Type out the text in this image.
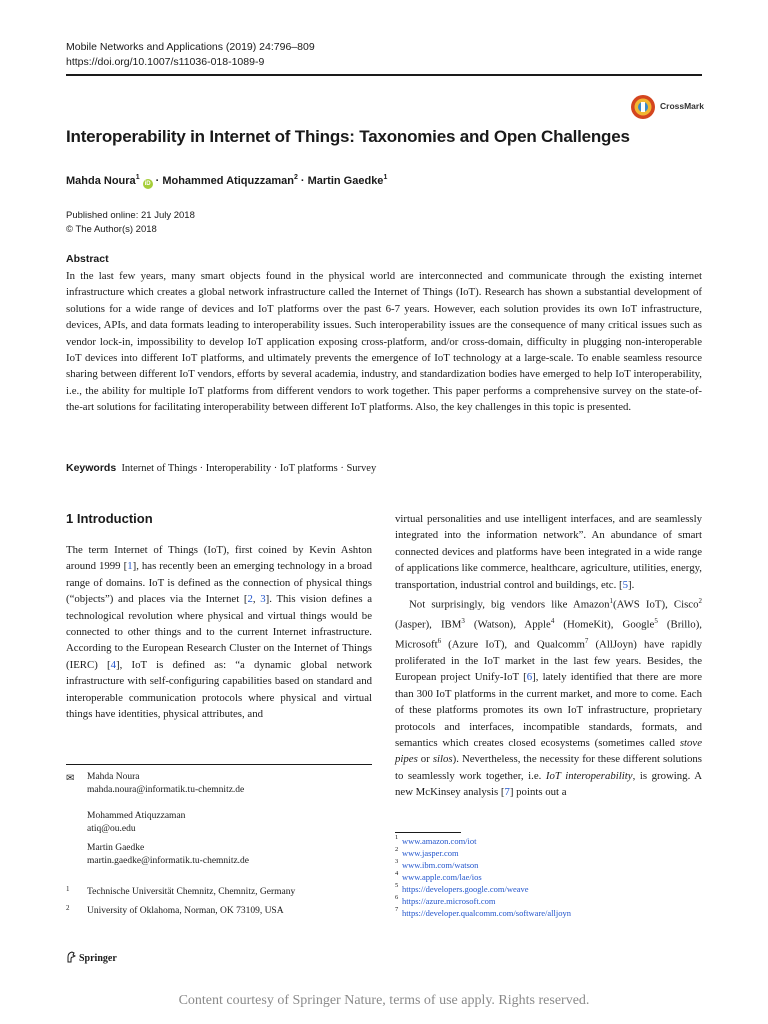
Mobile Networks and Applications (2019) 24:796–809
https://doi.org/10.1007/s11036-018-1089-9
CrossMark
Interoperability in Internet of Things: Taxonomies and Open Challenges
Mahda Noura$^1$iD · Mohammed Atiquzzaman$^2$ · Martin Gaedke$^1$
Published online: 21 July 2018
© The Author(s) 2018
Abstract
In the last few years, many smart objects found in the physical world are interconnected and communicate through the existing internet infrastructure which creates a global network infrastructure called the Internet of Things (IoT). Research has shown a substantial development of solutions for a wide range of devices and IoT platforms over the past 6-7 years. However, each solution provides its own IoT infrastructure, devices, APIs, and data formats leading to interoperability issues. Such interoperability issues are the consequence of many critical issues such as vendor lock-in, impossibility to develop IoT application exposing cross-platform, and/or cross-domain, difficulty in plugging non-interoperable IoT devices into different IoT platforms, and ultimately prevents the emergence of IoT technology at a large-scale. To enable seamless resource sharing between different IoT vendors, efforts by several academia, industry, and standardization bodies have emerged to help IoT interoperability, i.e., the ability for multiple IoT platforms from different vendors to work together. This paper performs a comprehensive survey on the state-of-the-art solutions for facilitating interoperability between different IoT platforms. Also, the key challenges in this topic is presented.
Keywords Internet of Things · Interoperability · IoT platforms · Survey
1 Introduction

The term Internet of Things (IoT), first coined by Kevin Ashton around 1999 [1], has recently been an emerging technology in a broad range of domains. IoT is defined as the connection of physical things (“objects”) and places via the Internet [2, 3]. This vision defines a technological revolution where physical and virtual things would be connected to other things and to the current Internet infrastructure. According to the European Research Cluster on the Internet of Things (IERC) [4], IoT is defined as: “a dynamic global network infrastructure with self-configuring capabilities based on standard and interoperable communication protocols where physical and virtual things have identities, physical attributes, and

virtual personalities and use intelligent interfaces, and are seamlessly integrated into the information network”. An abundance of smart connected devices and platforms have been integrated in a wide range of applications like commerce, healthcare, agriculture, utilities, energy, transportation, industrial control and buildings, etc. [5].

Not surprisingly, big vendors like Amazon$^1$(AWS IoT), Cisco$^2$ (Jasper), IBM$^3$ (Watson), Apple$^4$ (HomeKit), Google$^5$ (Brillo), Microsoft$^6$ (Azure IoT), and Qualcomm$^7$ (AllJoyn) have rapidly proliferated in the IoT market in the last few years. Besides, the European project Unify-IoT [6], lately identified that there are more than 300 IoT platforms in the current market, and more to come. Each of these platforms promotes its own IoT infrastructure, proprietary protocols and interfaces, incompatible standards, formats, and semantics which creates closed ecosystems (sometimes called stove pipes or silos). Nevertheless, the necessity for these different solutions to seamlessly work together, i.e. IoT interoperability, is growing. A new McKinsey analysis [7] points out a

✉ Mahda Noura
mahda.noura@informatik.tu-chemnitz.de
Mohammed Atiquzzaman
atiq@ou.edu
Martin Gaedke
martin.gaedke@informatik.tu-chemnitz.de
1 Technische Universität Chemnitz, Chemnitz, Germany
2 University of Oklahoma, Norman, OK 73109, USA
1 www.amazon.com/iot
2 www.jasper.com
3 www.ibm.com/watson
4 www.apple.com/lae/ios
5 https://developers.google.com/weave
6 https://azure.microsoft.com
7 https://developer.qualcomm.com/software/alljoyn
Springer
Content courtesy of Springer Nature, terms of use apply. Rights reserved.
